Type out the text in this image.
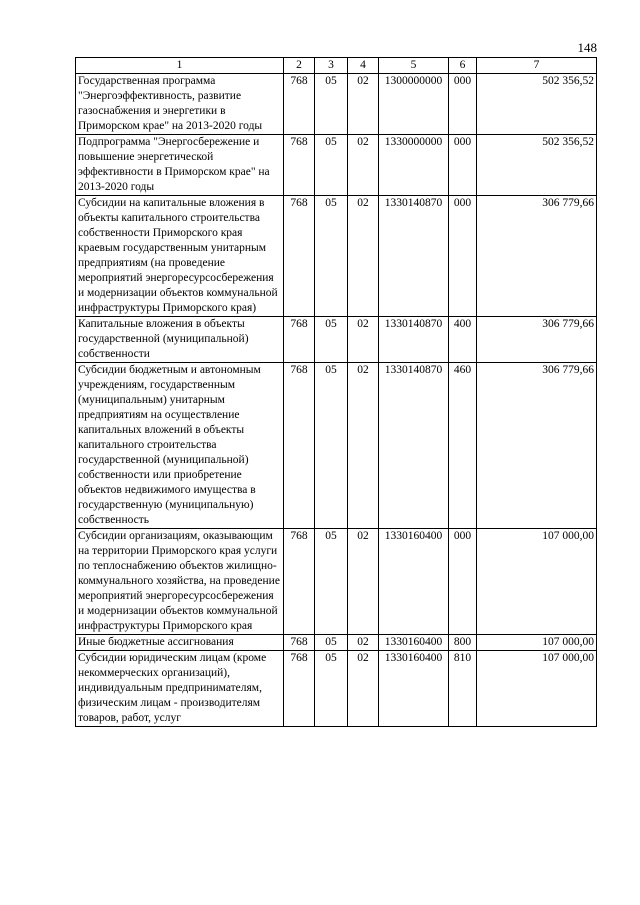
148
1	2	3	4	5	6	7
Государственная программа "Энергоэффективность, развитие газоснабжения и энергетики в Приморском крае" на 2013-2020 годы	768	05	02	1300000000	000	502 356,52
Подпрограмма "Энергосбережение и повышение энергетической эффективности в Приморском крае" на 2013-2020 годы	768	05	02	1330000000	000	502 356,52
Субсидии на капитальные вложения в объекты капитального строительства собственности Приморского края краевым государственным унитарным предприятиям (на проведение мероприятий энергоресурсосбережения и модернизации объектов коммунальной инфраструктуры Приморского края)	768	05	02	1330140870	000	306 779,66
Капитальные вложения в объекты государственной (муниципальной) собственности	768	05	02	1330140870	400	306 779,66
Субсидии бюджетным и автономным учреждениям, государственным (муниципальным) унитарным предприятиям на осуществление капитальных вложений в объекты капитального строительства государственной (муниципальной) собственности или приобретение объектов недвижимого имущества в государственную (муниципальную) собственность	768	05	02	1330140870	460	306 779,66
Субсидии организациям, оказывающим на территории Приморского края услуги по теплоснабжению объектов жилищно-коммунального хозяйства, на проведение мероприятий энергоресурсосбережения и модернизации объектов коммунальной инфраструктуры Приморского края	768	05	02	1330160400	000	107 000,00
Иные бюджетные ассигнования	768	05	02	1330160400	800	107 000,00
Субсидии юридическим лицам (кроме некоммерческих организаций), индивидуальным предпринимателям, физическим лицам - производителям товаров, работ, услуг	768	05	02	1330160400	810	107 000,00
